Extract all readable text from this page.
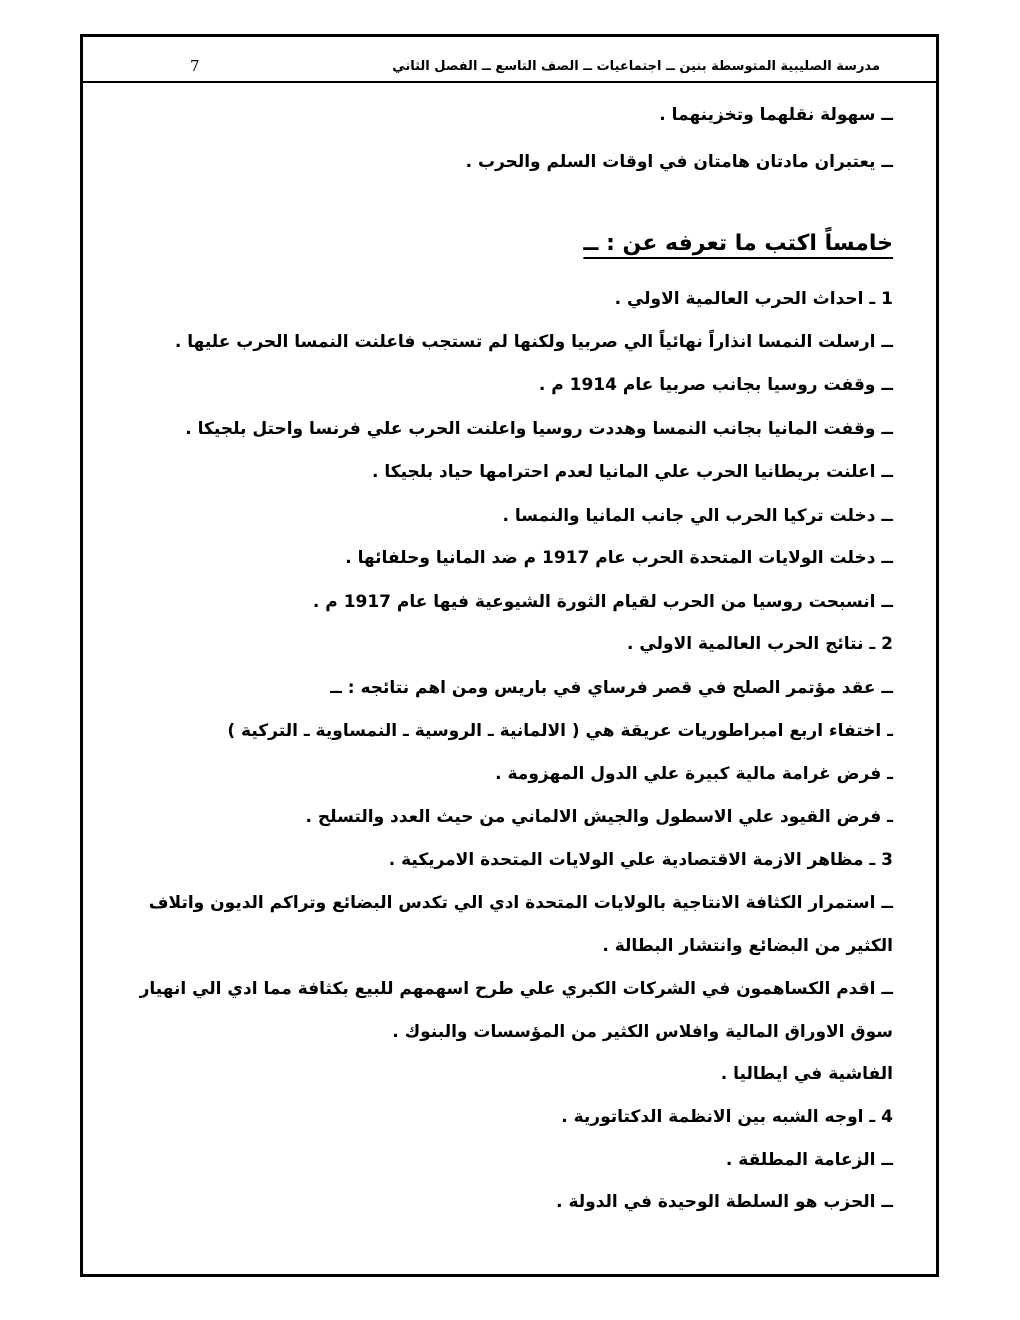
مدرسة الصليبية المتوسطة بنين ــ اجتماعيات ــ الصف التاسع ــ الفصل الثاني
7
ــ سهولة نقلهما وتخزينهما .
ــ يعتبران مادتان هامتان في اوقات السلم والحرب .
خامساً اكتب ما تعرفه عن : ــ
1 ـ احداث الحرب العالمية الاولي .
ــ ارسلت النمسا انذاراً نهائياً الي صربيا ولكنها لم تستجب فاعلنت النمسا الحرب عليها .
ــ وقفت روسيا بجانب صربيا عام 1914 م .
ــ وقفت المانيا بجانب النمسا وهددت روسيا واعلنت الحرب علي فرنسا واحتل بلجيكا .
ــ اعلنت بريطانيا الحرب علي المانيا لعدم احترامها حياد بلجيكا .
ــ دخلت تركيا الحرب الي جانب المانيا والنمسا .
ــ دخلت الولايات المتحدة الحرب عام 1917 م ضد المانيا وحلفائها .
ــ انسبحت روسيا من الحرب لقيام الثورة الشيوعية فيها عام 1917 م .
2 ـ نتائج الحرب العالمية الاولي .
ــ عقد مؤتمر الصلح في قصر فرساي في باريس ومن اهم نتائجه : ــ
ـ اختفاء اربع امبراطوريات عريقة هي ( الالمانية ـ الروسية ـ النمساوية ـ التركية )
ـ فرض غرامة مالية كبيرة علي الدول المهزومة .
ـ فرض القيود علي الاسطول والجيش الالماني من حيث العدد والتسلح .
3 ـ مظاهر الازمة الاقتصادية علي الولايات المتحدة الامريكية .
ــ استمرار الكثافة الانتاجية بالولايات المتحدة ادي الي تكدس البضائع وتراكم الديون واتلاف
الكثير من البضائع وانتشار البطالة .
ــ اقدم الكساهمون في الشركات الكبري علي طرح اسهمهم للبيع بكثافة مما ادي الي انهيار
سوق الاوراق المالية وافلاس الكثير من المؤسسات والبنوك .
الفاشية في ايطاليا .
4 ـ اوجه الشبه بين الانظمة الدكتاتورية .
ــ الزعامة المطلقة .
ــ الحزب هو السلطة الوحيدة في الدولة .
